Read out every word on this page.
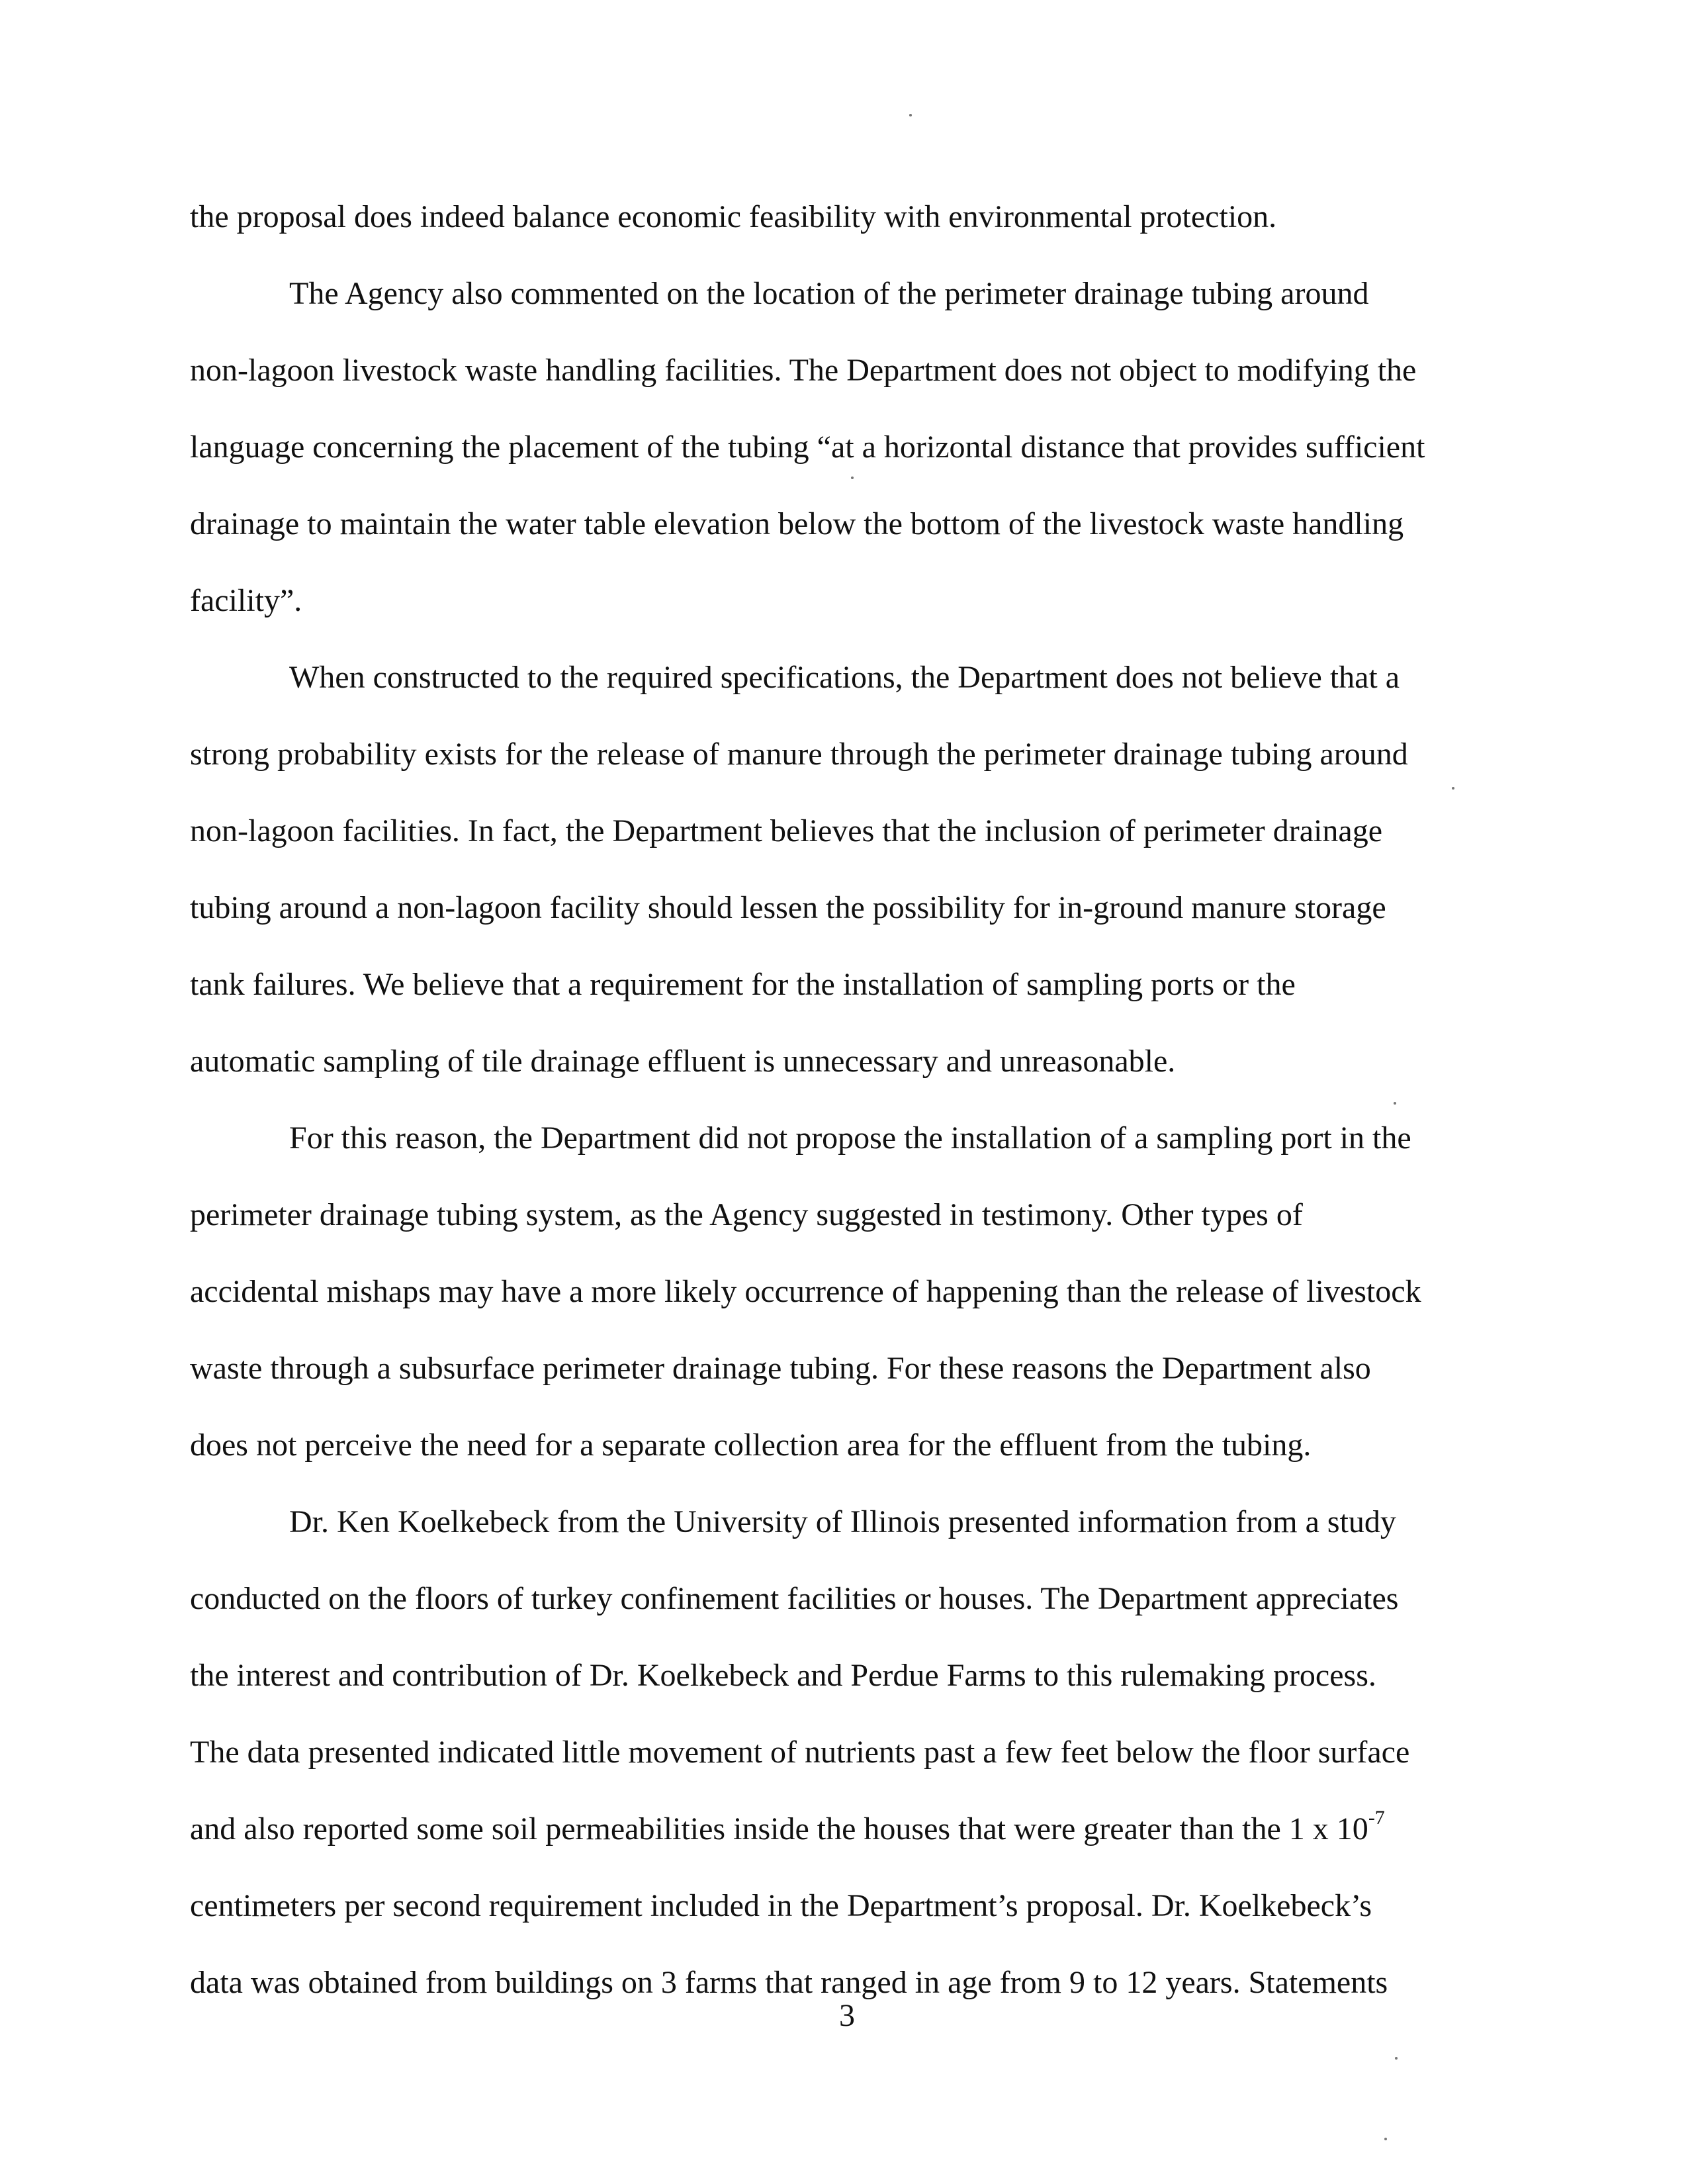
the proposal does indeed balance economic feasibility with environmental protection.
The Agency also commented on the location of the perimeter drainage tubing around
non-lagoon livestock waste handling facilities. The Department does not object to modifying the
language concerning the placement of the tubing “at a horizontal distance that provides sufficient
drainage to maintain the water table elevation below the bottom of the livestock waste handling
facility”.
When constructed to the required specifications, the Department does not believe that a
strong probability exists for the release of manure through the perimeter drainage tubing around
non-lagoon facilities. In fact, the Department believes that the inclusion of perimeter drainage
tubing around a non-lagoon facility should lessen the possibility for in-ground manure storage
tank failures. We believe that a requirement for the installation of sampling ports or the
automatic sampling of tile drainage effluent is unnecessary and unreasonable.
For this reason, the Department did not propose the installation of a sampling port in the
perimeter drainage tubing system, as the Agency suggested in testimony. Other types of
accidental mishaps may have a more likely occurrence of happening than the release of livestock
waste through a subsurface perimeter drainage tubing. For these reasons the Department also
does not perceive the need for a separate collection area for the effluent from the tubing.
Dr. Ken Koelkebeck from the University of Illinois presented information from a study
conducted on the floors of turkey confinement facilities or houses. The Department appreciates
the interest and contribution of Dr. Koelkebeck and Perdue Farms to this rulemaking process.
The data presented indicated little movement of nutrients past a few feet below the floor surface
and also reported some soil permeabilities inside the houses that were greater than the 1 x $10^{-7}$
centimeters per second requirement included in the Department’s proposal. Dr. Koelkebeck’s
data was obtained from buildings on 3 farms that ranged in age from 9 to 12 years. Statements
3
